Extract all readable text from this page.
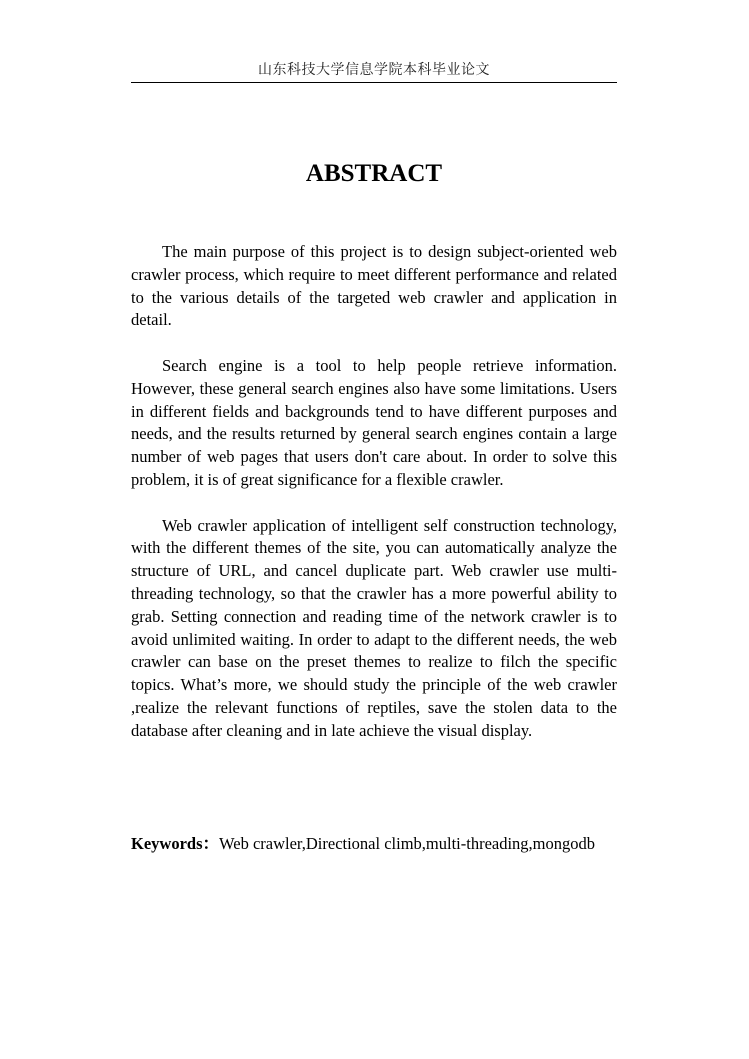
山东科技大学信息学院本科毕业论文
ABSTRACT

The main purpose of this project is to design subject-oriented web crawler process, which require to meet different performance and related to the various details of the targeted web crawler and application in detail.

Search engine is a tool to help people retrieve information. However, these general search engines also have some limitations. Users in different fields and backgrounds tend to have different purposes and needs, and the results returned by general search engines contain a large number of web pages that users don't care about. In order to solve this problem, it is of great significance for a flexible crawler.

Web crawler application of intelligent self construction technology, with the different themes of the site, you can automatically analyze the structure of URL, and cancel duplicate part. Web crawler use multi-threading technology, so that the crawler has a more powerful ability to grab. Setting connection and reading time of the network crawler is to avoid unlimited waiting. In order to adapt to the different needs, the web crawler can base on the preset themes to realize to filch the specific topics. What’s more, we should study the principle of the web crawler ,realize the relevant functions of reptiles, save the stolen data to the database after cleaning and in late achieve the visual display.

Keywords：Web crawler,Directional climb,multi-threading,mongodb
